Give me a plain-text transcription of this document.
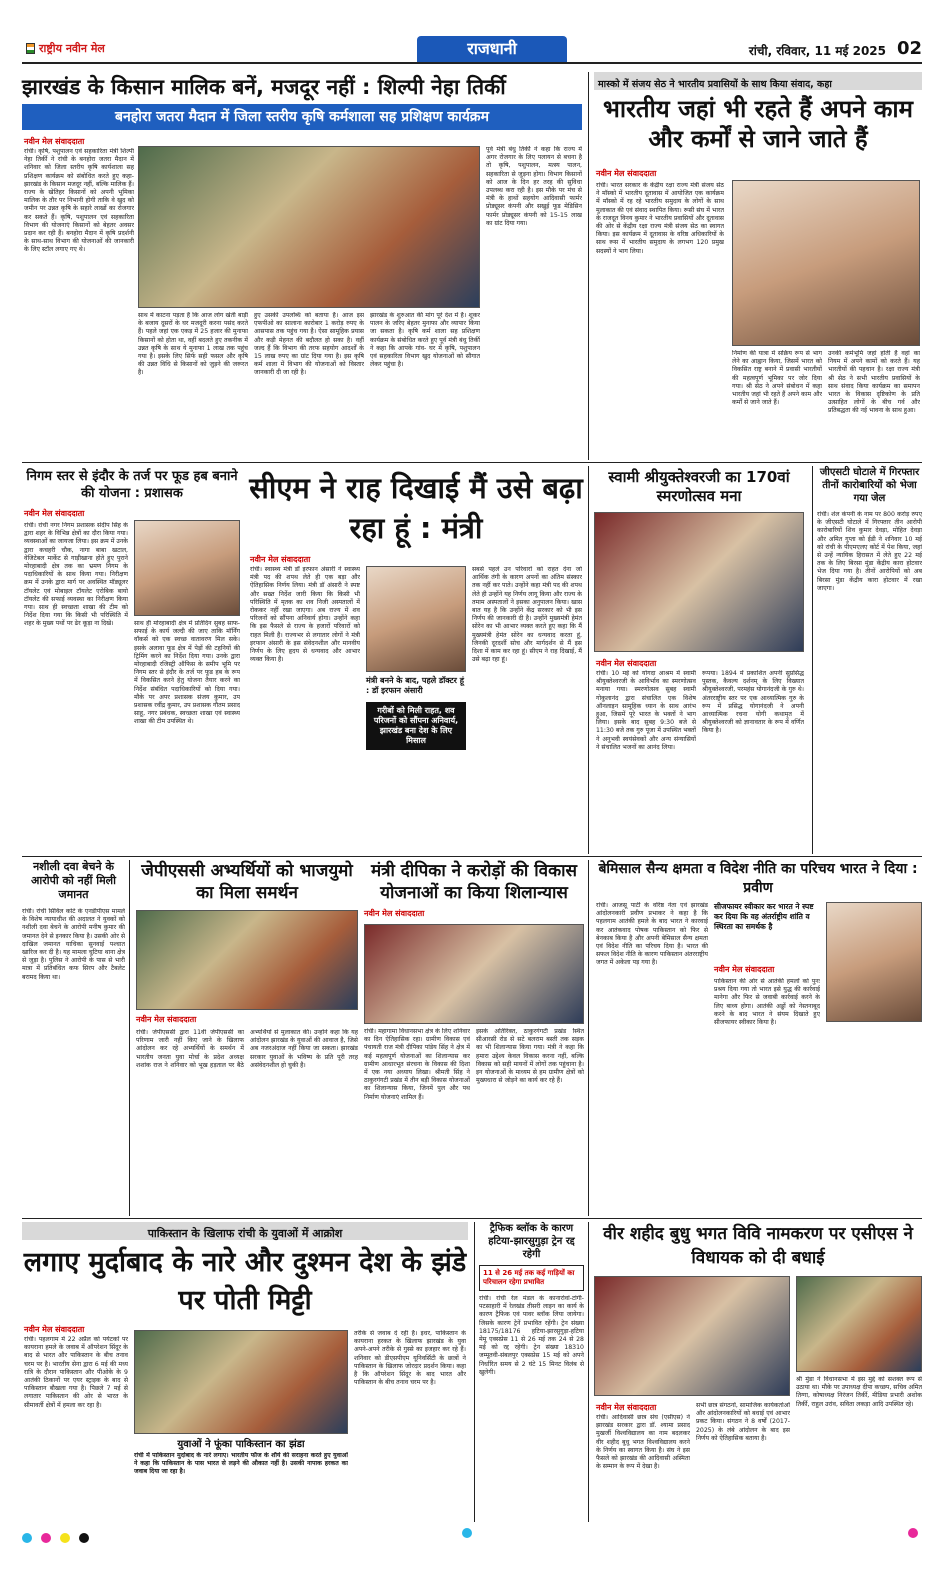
राष्ट्रीय नवीन मेल	राजधानी	रांची, रविवार, 11 मई 2025 02
झारखंड के किसान मालिक बनें, मजदूर नहीं : शिल्पी नेहा तिर्की
बनहोरा जतरा मैदान में जिला स्तरीय कृषि कर्मशाला सह प्रशिक्षण कार्यक्रम
नवीन मेल संवाददाता
रांची। कृषि, पशुपालन एवं सहकारिता मंत्री शिल्पी नेहा तिर्की ने रांची के बनहोरा जतरा मैदान में शनिवार को जिला स्तरीय कृषि कार्यशाला सह प्रशिक्षण कार्यक्रम को संबोधित करते हुए कहा- झारखंड के किसान मजदूर नहीं, बल्कि मालिक हैं। राज्य के खेतिहर किसानों को अपनी भूमिका मालिक के तौर पर निभानी होगी ताकि वे खुद को जमीन पर उन्नत कृषि के सहारे लाखों का रोजगार कर सकते हैं। कृषि, पशुपालन एवं सहकारिता विभाग की योजनाएं किसानों को बेहतर अवसर प्रदान कर रही हैं। बनहोरा मैदान में कृषि प्रदर्शनी के साथ-साथ विभाग की योजनाओं की जानकारी के लिए स्टॉल लगाए गए थे।
साथ में काटना पड़ता है कि आज लोग खेती बाड़ी के बजाय दूसरों के घर मजदूरी करना पसंद करते हैं। पहले जहां एक एकड़ में 25 हजार की मुनाफा किसानों को होता था, वहीं बदलते हुए तकनीक में उन्नत कृषि के साथ ये मुनाफा 1 लाख तक पहुंच गया है। इसके लिए सिर्फ सही फसल और कृषि की उन्नत विधि से किसानों को जुड़ने की जरूरत है।
हुए उसकी उपलब्धि को बताया है। आज इस एफपीओ का सालाना कारोबार 1 करोड़ रुपए के आसपास तक पहुंच गया है। ऐसा सामूहिक प्रयास और कड़ी मेहनत की बदौलत हो सका है। वहीं जल्द हैं कि विभाग की तरफ सहयोग आदर्शों के 15 लाख रुपए का ग्रांट दिया गया है। इस कृषि कर्म शाला में विभाग की योजनाओं को विस्तार जानकारी दी जा रही है।
झारखंड के शुरुआत की मांग पूरे देश में है। शूकर पालन के जरिए बेहतर मुनाफा और व्यापार किया जा सकता है। कृषि कर्म शाला सह प्रशिक्षण कार्यक्रम के संबोधित करते हुए पूर्व मंत्री बंधु तिर्की ने कहा कि आपके गांव- घर में कृषि, पशुपालन एवं सहकारिता विभाग खुद योजनाओं को सौगात लेकर पहुंचा है।
पूर्व मंत्री बंधु तिर्की ने कहा कि राज्य में अगर रोजगार के लिए पलायन से बचना है तो कृषि, पशुपालन, मत्स्य पालन, सहकारिता से जुड़ना होगा। विभाग किसानों को आज के दिन हर तरह की सुविधा उपलब्ध करा रही है। इस मौके पर मंच से मंत्री के हाथों सहयोग आदिवासी फार्मर प्रोड्यूसर कंपनी और सखुई फूड मेडिसिन फार्मर प्रोड्यूसर कंपनी को 15-15 लाख का ग्रांट दिया गया।
मास्को में संजय सेठ ने भारतीय प्रवासियों के साथ किया संवाद, कहा
भारतीय जहां भी रहते हैं अपने काम और कर्मों से जाने जाते हैं
नवीन मेल संवाददाता
रांची। भारत सरकार के केंद्रीय रक्षा राज्य मंत्री संजय सेठ ने मॉस्को में भारतीय दूतावास में आयोजित एक कार्यक्रम में मॉस्को में रह रहे भारतीय समुदाय के लोगों के साथ मुलाकात की एवं संवाद स्थापित किया। रूसी संघ में भारत के राजदूत विनय कुमार ने भारतीय प्रवासियों और दूतावास की ओर से केंद्रीय रक्षा राज्य मंत्री संजय सेठ का स्वागत किया। इस कार्यक्रम में दूतावास के वरिष्ठ अधिकारियों के साथ रूस में भारतीय समुदाय के लगभग 120 प्रमुख सदस्यों ने भाग लिया।
निर्माण की यात्रा में सक्रिय रूप से भाग लेने का आह्वान किया, जिसमें भारत को विकसित राष्ट्र बनाने में प्रवासी भारतीयों की महत्वपूर्ण भूमिका पर जोर दिया गया। श्री सेठ ने अपने संबोधन में कहा भारतीय जहां भी रहते हैं अपने काम और कर्मों से जाने जाते हैं।
उनकी कर्मभूमि जहां होती है वहां का नियम में अपने कामों को करते हैं। यह भारतीयों की पहचान है। रक्षा राज्य मंत्री श्री सेठ ने सभी भारतीय प्रवासियों के साथ संवाद किया कार्यक्रम का समापन भारत के विकास दृष्टिकोण के प्रति उत्साहित लोगों के बीच गर्व और प्रतिबद्धता की नई भावना के साथ हुआ।
निगम स्तर से इंदौर के तर्ज पर फूड हब बनाने की योजना : प्रशासक
नवीन मेल संवाददाता
रांची। रांची नगर निगम प्रशासक संदीप सिंह के द्वारा शहर के विभिन्न क्षेत्रों का दौरा किया गया। व्यवस्थाओं का जायजा लिया। इस क्रम में उनके द्वारा कचहरी चौक, नागा बाबा खटाल, वेजिटेबल मार्केट से गाड़ीखाना होते हुए पुराने मोरहाबादी क्षेत्र तक का भ्रमण निगम के पदाधिकारियों के साथ किया गया। निरीक्षण क्रम में उनके द्वारा मार्ग पर अवस्थित मॉड्यूलर टॉयलेट एवं मोबाइल टॉयलेट एरोबिक बायो टॉयलेट की सफाई व्यवस्था का निरीक्षण किया गया। साथ ही स्वच्छता शाखा की टीम को निर्देश दिया गया कि किसी भी परिस्थिति में शहर के मुख्य पथों पर ढेर कूड़ा ना दिखे।	साथ ही मोरहाबादी क्षेत्र में प्रतिदिन सुबह साफ-सफाई के कार्य जल्दी की जाए ताकि मॉर्निंग वॉकर्स को एक स्वच्छ वातावरण मिल सके। इसके अलावा फूड क्षेत्र में पेड़ों की टहनियों की ट्रिमिंग करने का निर्देश दिया गया। उनके द्वारा मोरहाबादी रजिस्ट्री ऑफिस के समीप भूमि पर निगम स्तर से इंदौर के तर्ज पर फूड हब के रूप में विकसित करने हेतु योजना तैयार करने का निर्देश संबंधित पदाधिकारियों को दिया गया। मौके पर अपर प्रशासक संजय कुमार, उप प्रशासक रवींद्र कुमार, उप प्रशासक गौतम प्रसाद साहू, नगर प्रबंधक, स्वच्छता शाखा एवं स्वास्थ्य शाखा की टीम उपस्थित थे।
सीएम ने राह दिखाई मैं उसे बढ़ा रहा हूं : मंत्री
नवीन मेल संवाददाता
रांची। स्वास्थ्य मंत्री डॉ इरफान अंसारी ने स्वास्थ्य मंत्री पद की शपथ लेते ही एक बड़ा और ऐतिहासिक निर्णय लिया। मंत्री डॉ अंसारी ने स्पष्ट और सख्त निर्देश जारी किया कि किसी भी परिस्थिति में मृतक का शव निजी अस्पतालों में रोककर नहीं रखा जाएगा। अब राज्य में शव परिजनों को सौंपना अनिवार्य होगा। उन्होंने कहा कि इस फैसले से राज्य के हजारों परिवारों को राहत मिली है। राज्यभर से लगातार लोगों ने मंत्री इरफान अंसारी के इस संवेदनशील और मानवीय निर्णय के लिए हृदय से धन्यवाद और आभार व्यक्त किया है।
मंत्री बनने के बाद, पहले डॉक्टर हूं : डॉ इरफान अंसारी
गरीबों को मिली राहत, शव परिजनों को सौंपना अनिवार्य, झारखंड बना देश के लिए मिसाल
सबसे पहले उन परिवारों को राहत देना जो आर्थिक तंगी के कारण अपनों का अंतिम संस्कार तक नहीं कर पाते। उन्होंने कहा मंत्री पद की शपथ लेते ही उन्होंने यह निर्णय लागू किया और राज्य के तमाम अस्पतालों ने इसका अनुपालन किया। खास बात यह है कि उन्होंने केंद्र सरकार को भी इस निर्णय की जानकारी दी है। उन्होंने मुख्यमंत्री हेमंत सोरेन का भी आभार व्यक्त करते हुए कहा कि मैं मुख्यमंत्री हेमंत सोरेन का धन्यवाद करता हूं, जिनकी दूरदर्शी सोच और मार्गदर्शन से मैं इस दिशा में काम कर रहा हूं। सीएम ने राह दिखाई, मैं उसे बढ़ा रहा हूं।
स्वामी श्रीयुक्तेश्वरजी का 170वां स्मरणोत्सव मना
नवीन मेल संवाददाता
रांची। 10 मई को योगदा आश्रम में स्वामी श्रीयुक्तेश्वरजी के आविर्भाव का स्मरणोत्सव मनाया गया। स्मरणोत्सव सुबह स्वामी गोकुलानंद द्वारा संचालित एक विशेष ऑनलाइन सामूहिक ध्यान के साथ आरंभ हुआ, जिसमें पूरे भारत के भक्तों ने भाग लिया। इसके बाद सुबह 9:30 बजे से 11:30 बजे तक गुरु पूजा में उपस्थित भक्तों ने अनुभवी स्वयंसेवकों और अन्य संन्यासियों ने संचालित भजनों का आनंद लिया।
रूपया। 1894 में प्रकाशित अपनी सुप्रसिद्ध पुस्तक, कैवल्य दर्शनम् के लिए विख्यात श्रीयुक्तेश्वरजी, परमहंस योगानंदजी के गुरु थे। अंतरराष्ट्रीय स्तर पर एक आध्यात्मिक गुरु के रूप में प्रसिद्ध योगानंदजी ने अपनी आध्यात्मिक रचना योगी कथामृत में श्रीयुक्तेश्वरजी को ज्ञानावतार के रूप में वर्णित किया है।
जीएसटी घोटाले में गिरफ्तार तीनों कारोबारियों को भेजा गया जेल
रांची। शेल कंपनी के नाम पर 800 करोड़ रुपए के जीएसटी घोटाले में गिरफ्तार तीन आरोपी कारोबारियों शिव कुमार देवड़ा, मोहित देवड़ा और अमित गुप्ता को ईडी ने शनिवार 10 मई को रांची के पीएमएलए कोर्ट में पेश किया, जहां से उन्हें न्यायिक हिरासत में लेते हुए 22 मई तक के लिए बिरसा मुंडा केंद्रीय कारा होटवार भेज दिया गया है। तीनों आरोपियों को अब बिरसा मुंडा केंद्रीय कारा होटवार में रखा जाएगा।
नशीली दवा बेचने के आरोपी को नहीं मिली जमानत
रांची। रांची सिविल कोर्ट के एनडीपीएस मामले के विशेष न्यायाधीश की अदालत ने युवकों को नशीली दवा बेचने के आरोपी मनीष कुमार की जमानत देने से इनकार किया है। उसकी ओर से दाखिल जमानत याचिका सुनवाई पश्चात खारिज कर दी है। यह मामला चुटिया थाना क्षेत्र से जुड़ा है। पुलिस ने आरोपी के पास से भारी मात्रा में प्रतिबंधित कफ सिरप और टैबलेट बरामद किया था।
जेपीएससी अभ्यर्थियों को भाजयुमो का मिला समर्थन
नवीन मेल संवाददाता
रांची। जेपीएससी द्वारा 11वीं जेपीएससी का परिणाम जारी नहीं किए जाने के खिलाफ आंदोलन कर रहे अभ्यर्थियों के समर्थन में भारतीय जनता युवा मोर्चा के प्रदेश अध्यक्ष शशांक राज ने शनिवार को भूख हड़ताल पर बैठे अभ्यर्थियों से मुलाकात की। उन्होंने कहा कि यह आंदोलन झारखंड के युवाओं की आवाज है, जिसे अब नजरअंदाज नहीं किया जा सकता। झारखंड सरकार युवाओं के भविष्य के प्रति पूरी तरह असंवेदनशील हो चुकी है।
मंत्री दीपिका ने करोड़ों की विकास योजनाओं का किया शिलान्यास
नवीन मेल संवाददाता
रांची। महागामा विधानसभा क्षेत्र के लिए शनिवार का दिन ऐतिहासिक रहा। ग्रामीण विकास एवं पंचायती राज मंत्री दीपिका पांडेय सिंह ने क्षेत्र में कई महत्वपूर्ण योजनाओं का शिलान्यास कर ग्रामीण आधारभूत संरचना के विकास की दिशा में एक नया अध्याय लिखा। श्रीमती सिंह ने ठाकुरगंगटी प्रखंड में तीन बड़ी विकास योजनाओं का शिलान्यास किया, जिनमें पुल और पथ निर्माण योजनाएं शामिल हैं।
इसके अतिरिक्त, ठाकुरगंगटी प्रखंड स्थित सीआरसी रोड से सटे बलराम बस्ती तक सड़क का भी शिलान्यास किया गया। मंत्री ने कहा कि हमारा उद्देश्य केवल विकास करना नहीं, बल्कि विकास को सही मायनों में लोगों तक पहुंचाना है। इन योजनाओं के माध्यम से हम ग्रामीण क्षेत्रों को मुख्यधारा से जोड़ने का कार्य कर रहे हैं।
बेमिसाल सैन्य क्षमता व विदेश नीति का परिचय भारत ने दिया : प्रवीण
सीजफायर स्वीकार कर भारत ने स्पष्ट कर दिया कि वह अंतर्राष्ट्रीय शांति व स्थिरता का समर्थक है
नवीन मेल संवाददाता
रांची। आजसू पार्टी के वरिष्ठ नेता एवं झारखंड आंदोलनकारी प्रवीण प्रभाकर ने कहा है कि पहलगाम आतंकी हमले के बाद भारत ने कारवाई कर आतंकवाद पोषक पाकिस्तान को फिर से बेनकाब किया है और अपनी बेमिसाल सैन्य क्षमता एवं विदेश नीति का परिचय दिया है। भारत की सफल विदेश नीति के कारण पाकिस्तान अंतरराष्ट्रीय जगत में अकेला पड़ गया है।
पाकिस्तान की ओर से आतंकी हमलों को पुनः प्रश्रय दिया गया तो भारत इसे युद्ध की कार्रवाई मानेगा और फिर से जवाबी कार्रवाई करने के लिए बाध्य होगा। आतंकी अड्डों को नेस्तनाबूद करने के बाद भारत ने संयम दिखाते हुए सीजफायर स्वीकार किया है।
पाकिस्तान के खिलाफ रांची के युवाओं में आक्रोश
लगाए मुर्दाबाद के नारे और दुश्मन देश के झंडे पर पोती मिट्टी
नवीन मेल संवाददाता
रांची। पहलगाम में 22 अप्रैल को पर्यटकों पर कायराना हमले के जवाब में ऑपरेशन सिंदूर के बाद से भारत और पाकिस्तान के बीच तनाव चरम पर है। भारतीय सेना द्वारा 6 मई की मध्य रात्रि के दौरान पाकिस्तान और पीओके के 9 आतंकी ठिकानों पर एयर स्ट्राइक के बाद से पाकिस्तान बौखला गया है। पिछले 7 मई से लगातार पाकिस्तान की ओर से भारत के सीमावर्ती क्षेत्रों में हमला कर रहा है।
युवाओं ने फूंका पाकिस्तान का झंडा
रांची में पाकिस्तान मुर्दाबाद के नारे लगाए। भारतीय फौज के शौर्य की सराहना करते हुए युवाओं ने कहा कि पाकिस्तान के पास भारत से लड़ने की औकात नहीं है। उसकी नापाक हरकत का जवाब दिया जा रहा है।
तरीके से जवाब दे रही है। इधर, पाकिस्तान के कायराना हरकत के खिलाफ झारखंड के युवा अपने-अपने तरीके से गुस्से का इजहार कर रहे हैं। शनिवार को डीएसपीएम यूनिवर्सिटी के छात्रों ने पाकिस्तान के खिलाफ जोरदार प्रदर्शन किया। कहा है कि ऑपरेशन सिंदूर के बाद भारत और पाकिस्तान के बीच तनाव चरम पर है।
ट्रैफिक ब्लॉक के कारण हटिया-झारसुगुड़ा ट्रेन रद्द रहेगी
11 से 26 मई तक कई गाड़ियों का परिचालन रहेगा प्रभावित
रांची। रांची रेल मंडल के कानारोवां-टांगी-पटसाहारी में रेलखंड तीसरी लाइन का कार्य के कारण ट्रैफिक एवं पावर ब्लॉक लिया जायेगा। जिसके कारण ट्रेनें प्रभावित रहेंगी। ट्रेन संख्या 18175/18176 हटिया-झारसुगुड़ा-हटिया मेमू एक्सप्रेस 11 से 26 मई तक 24 से 28 मई को रद्द रहेगी। ट्रेन संख्या 18310 जम्मूतवी-संबलपुर एक्सप्रेस 15 मई को अपने निर्धारित समय से 2 घंटे 15 मिनट विलंब से खुलेगी।
वीर शहीद बुधु भगत विवि नामकरण पर एसीएस ने विधायक को दी बधाई
नवीन मेल संवाददाता
रांची। आदिवासी छात्र संघ (एसीएस) ने झारखंड सरकार द्वारा डॉ. श्यामा प्रसाद मुखर्जी विश्वविद्यालय का नाम बदलकर वीर शहीद बुधु भगत विश्वविद्यालय करने के निर्णय का स्वागत किया है। संघ ने इस फैसले को झारखंड की आदिवासी अस्मिता के सम्मान के रूप में देखा है।
सभी छात्र संगठनों, सामाजिक कार्यकर्ताओं और आंदोलनकारियों को बधाई एवं आभार प्रकट किया। संगठन ने 8 वर्षों (2017-2025) के लंबे आंदोलन के बाद इस निर्णय को ऐतिहासिक बताया है।
श्री मुंडा ने विधानसभा में इस मुद्दे को सशक्त रूप से उठाया था। मौके पर उपाध्यक्ष दीपा कच्छप, सचिव अमित तिग्गा, कोषाध्यक्ष निरंजन तिर्की, मीडिया प्रभारी अशोक तिर्की, राहुल उरांव, सविता लकड़ा आदि उपस्थित रहे।
